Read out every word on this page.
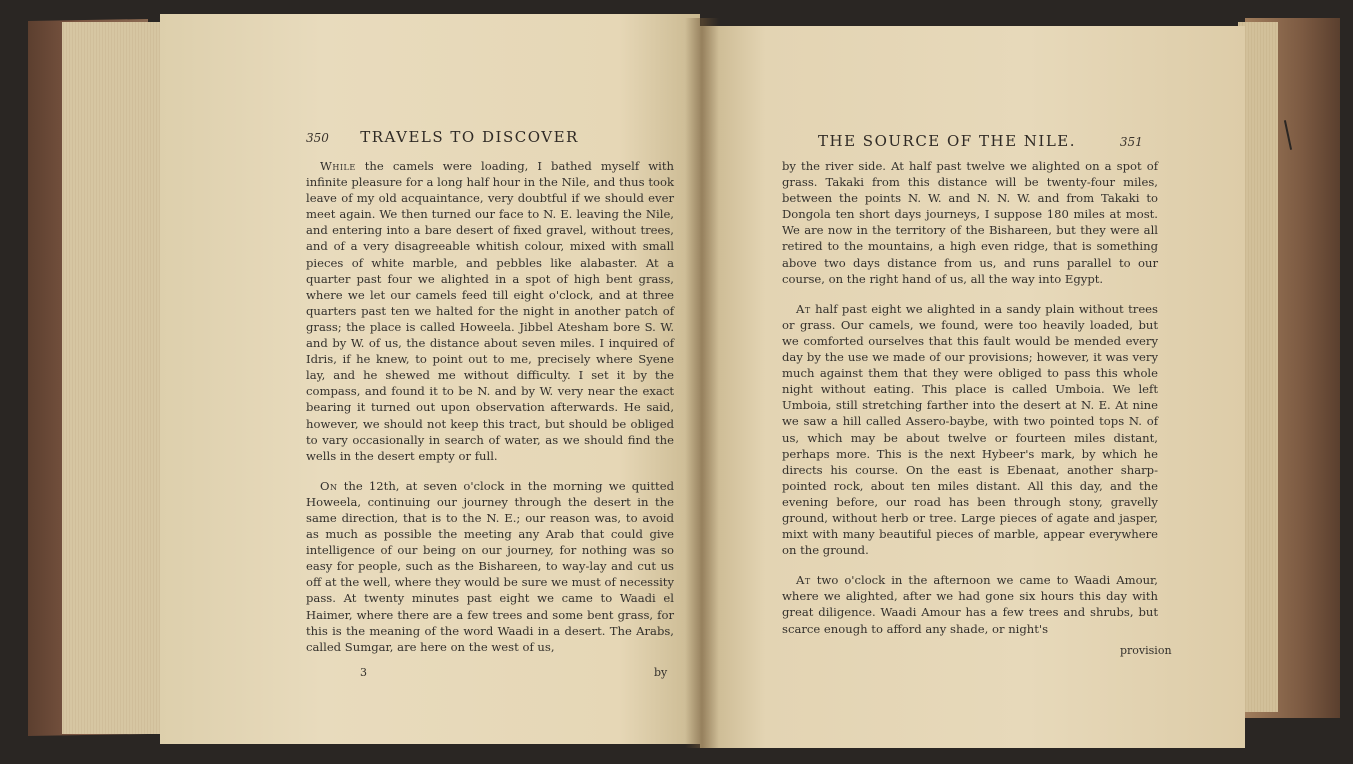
350 TRAVELS TO DISCOVER

While the camels were loading, I bathed myself with infinite pleasure for a long half hour in the Nile, and thus took leave of my old acquaintance, very doubtful if we should ever meet again. We then turned our face to N. E. leaving the Nile, and entering into a bare desert of fixed gravel, without trees, and of a very disagreeable whitish colour, mixed with small pieces of white marble, and pebbles like alabaster. At a quarter past four we alighted in a spot of high bent grass, where we let our camels feed till eight o'clock, and at three quarters past ten we halted for the night in another patch of grass; the place is called Howeela. Jibbel Atesham bore S. W. and by W. of us, the distance about seven miles. I inquired of Idris, if he knew, to point out to me, precisely where Syene lay, and he shewed me without difficulty. I set it by the compass, and found it to be N. and by W. very near the exact bearing it turned out upon observation afterwards. He said, however, we should not keep this tract, but should be obliged to vary occasionally in search of water, as we should find the wells in the desert empty or full.

On the 12th, at seven o'clock in the morning we quitted Howeela, continuing our journey through the desert in the same direction, that is to the N. E.; our reason was, to avoid as much as possible the meeting any Arab that could give intelligence of our being on our journey, for nothing was so easy for people, such as the Bishareen, to way-lay and cut us off at the well, where they would be sure we must of necessity pass. At twenty minutes past eight we came to Waadi el Haimer, where there are a few trees and some bent grass, for this is the meaning of the word Waadi in a desert. The Arabs, called Sumgar, are here on the west of us,

3	by
THE SOURCE OF THE NILE.	351

by the river side. At half past twelve we alighted on a spot of grass. Takaki from this distance will be twenty-four miles, between the points N. W. and N. N. W. and from Takaki to Dongola ten short days journeys, I suppose 180 miles at most. We are now in the territory of the Bishareen, but they were all retired to the mountains, a high even ridge, that is something above two days distance from us, and runs parallel to our course, on the right hand of us, all the way into Egypt.

At half past eight we alighted in a sandy plain without trees or grass. Our camels, we found, were too heavily loaded, but we comforted ourselves that this fault would be mended every day by the use we made of our provisions; however, it was very much against them that they were obliged to pass this whole night without eating. This place is called Umboia. We left Umboia, still stretching farther into the desert at N. E. At nine we saw a hill called Assero-baybe, with two pointed tops N. of us, which may be about twelve or fourteen miles distant, perhaps more. This is the next Hybeer's mark, by which he directs his course. On the east is Ebenaat, another sharp-pointed rock, about ten miles distant. All this day, and the evening before, our road has been through stony, gravelly ground, without herb or tree. Large pieces of agate and jasper, mixt with many beautiful pieces of marble, appear everywhere on the ground.

At two o'clock in the afternoon we came to Waadi Amour, where we alighted, after we had gone six hours this day with great diligence. Waadi Amour has a few trees and shrubs, but scarce enough to afford any shade, or night's

provision
